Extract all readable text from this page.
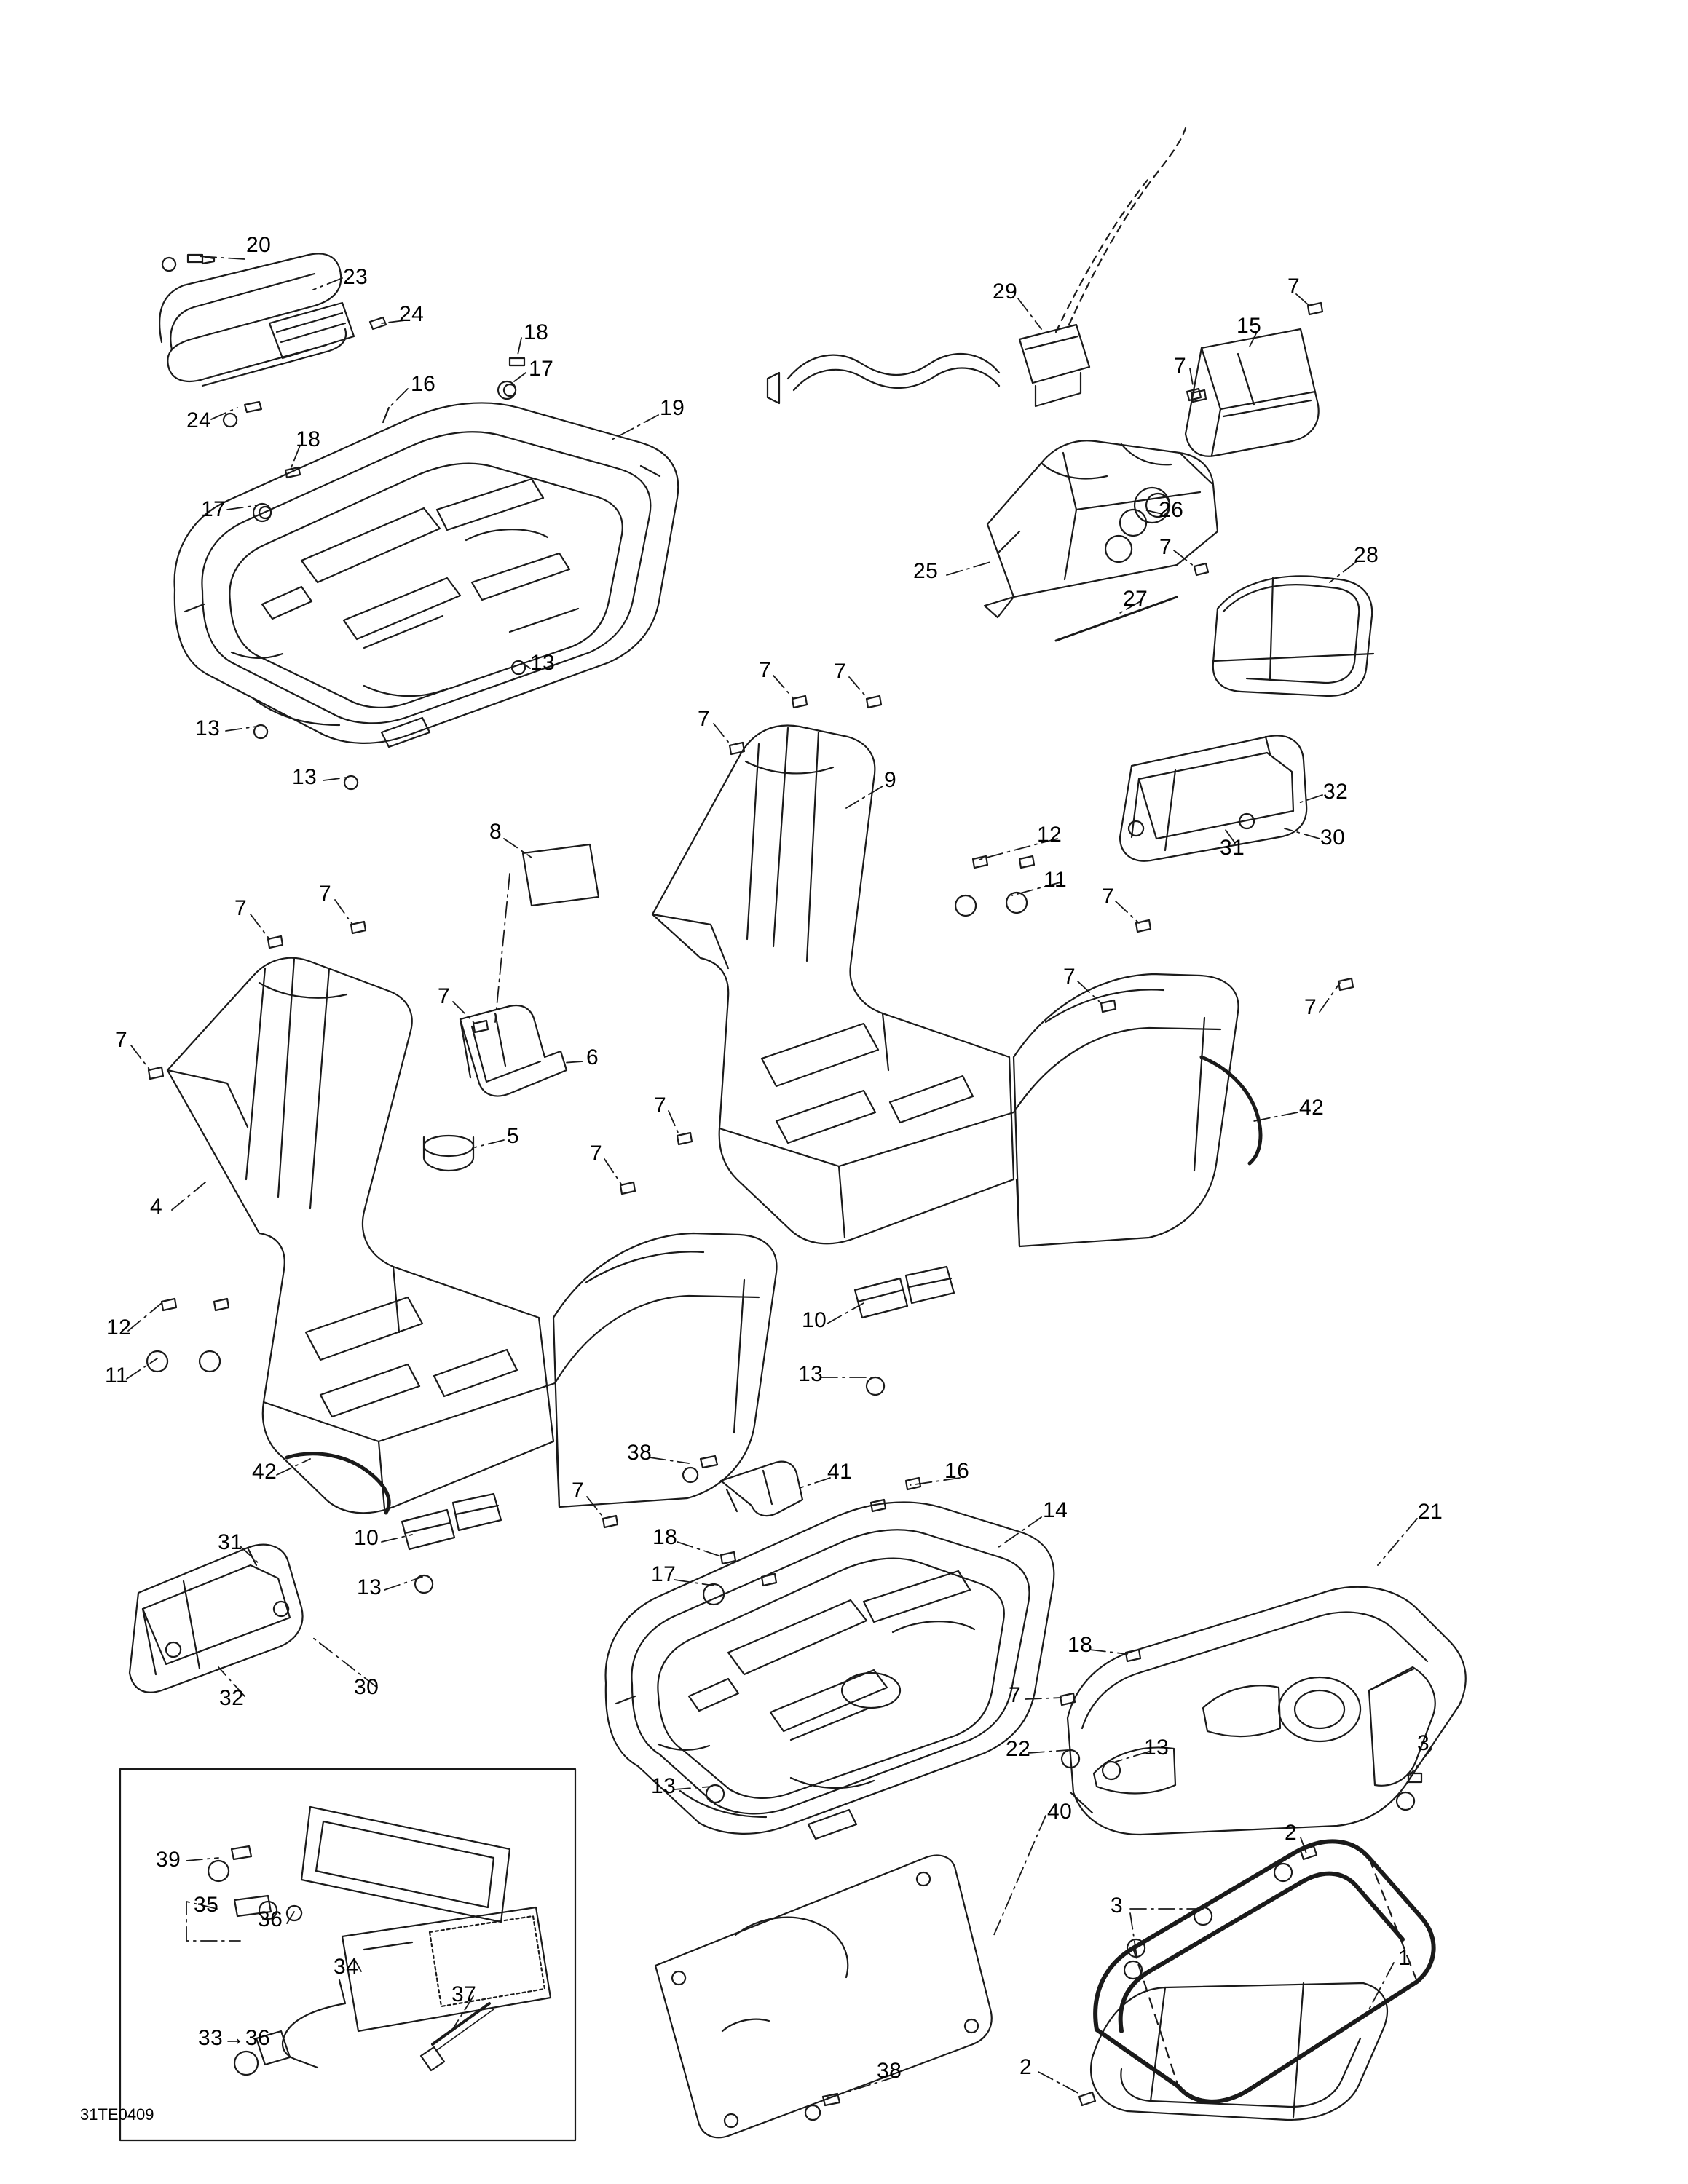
20
23
24
24
16
18
17
19
18
17
13
13
13
29
7
15
7
26
7
25
27
28
7	7
7
9	32
30
31
12
11
7
7
7
42
8
7
7
7
7
6
5
4
7
7
12
11
42
7
10
13
10
31
30
32
13
38
41	16
14	21
18
17
18
7
22	13
13
40
3
2
3
1
2
38
39
35
36
34
37
33→36
31TE0409
